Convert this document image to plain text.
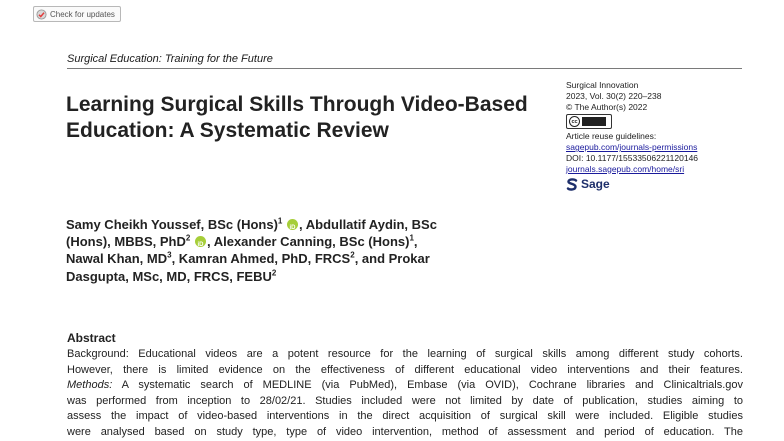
Check for updates
Surgical Education: Training for the Future
Learning Surgical Skills Through Video-Based Education: A Systematic Review
Surgical Innovation
2023, Vol. 30(2) 220–238
© The Author(s) 2022
cc
Article reuse guidelines:
sagepub.com/journals-permissions
DOI: 10.1177/15533506221120146
journals.sagepub.com/home/sri
Sage
Samy Cheikh Youssef, BSc (Hons)$^1$ iD , Abdullatif Aydin, BSc
(Hons), MBBS, PhD$^2$ iD , Alexander Canning, BSc (Hons)$^1$,
Nawal Khan, $MD^3$, Kamran Ahmed, PhD, FRCS$^2$, and Prokar
Dasgupta, MSc, MD, FRCS, FEBU$^2$
Abstract
Background: Educational videos are a potent resource for the learning of surgical skills among different study cohorts.
However, there is limited evidence on the effectiveness of different educational video interventions and their features.
Methods: A systematic search of MEDLINE (via PubMed), Embase (via OVID), Cochrane libraries and Clinicaltrials.gov
was performed from inception to 28/02/21. Studies included were not limited by date of publication, studies aiming to
assess the impact of video-based interventions in the direct acquisition of surgical skill were included. Eligible studies
were analysed based on study type, type of video intervention, method of assessment and period of education. The
